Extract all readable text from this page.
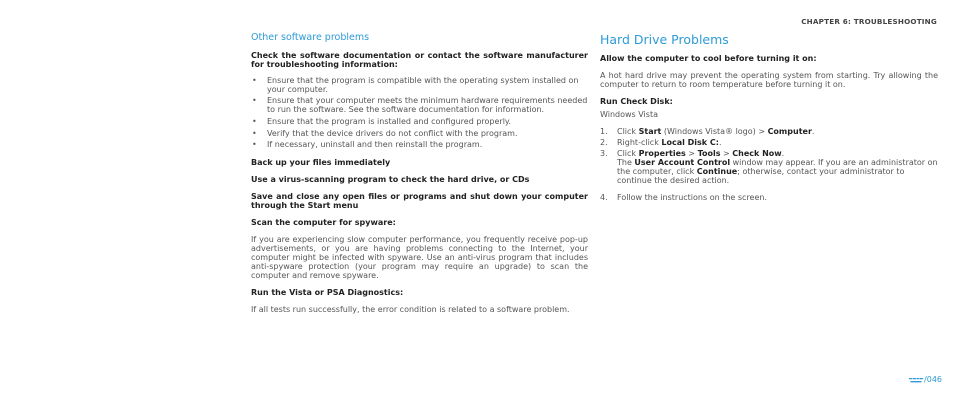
CHAPTER 6: TROUBLESHOOTING
Other software problems

Check the software documentation or contact the software manufacturer for troubleshooting information:

• Ensure that the program is compatible with the operating system installed on your computer.
• Ensure that your computer meets the minimum hardware requirements needed to run the software. See the software documentation for information.
• Ensure that the program is installed and configured properly.
• Verify that the device drivers do not conflict with the program.
• If necessary, uninstall and then reinstall the program.

Back up your files immediately

Use a virus-scanning program to check the hard drive, or CDs

Save and close any open files or programs and shut down your computer through the Start menu

Scan the computer for spyware:

If you are experiencing slow computer performance, you frequently receive pop-up advertisements, or you are having problems connecting to the Internet, your computer might be infected with spyware. Use an anti-virus program that includes anti-spyware protection (your program may require an upgrade) to scan the computer and remove spyware.

Run the Vista or PSA Diagnostics:

If all tests run successfully, the error condition is related to a software problem.

Hard Drive Problems

Allow the computer to cool before turning it on:

A hot hard drive may prevent the operating system from starting. Try allowing the computer to return to room temperature before turning it on.

Run Check Disk:

Windows Vista

1. Click Start (Windows Vista® logo) > Computer.
2. Right-click Local Disk C:.
3. Click Properties > Tools > Check Now.
The User Account Control window may appear. If you are an administrator on the computer, click Continue; otherwise, contact your administrator to continue the desired action.
4. Follow the instructions on the screen.
/046
